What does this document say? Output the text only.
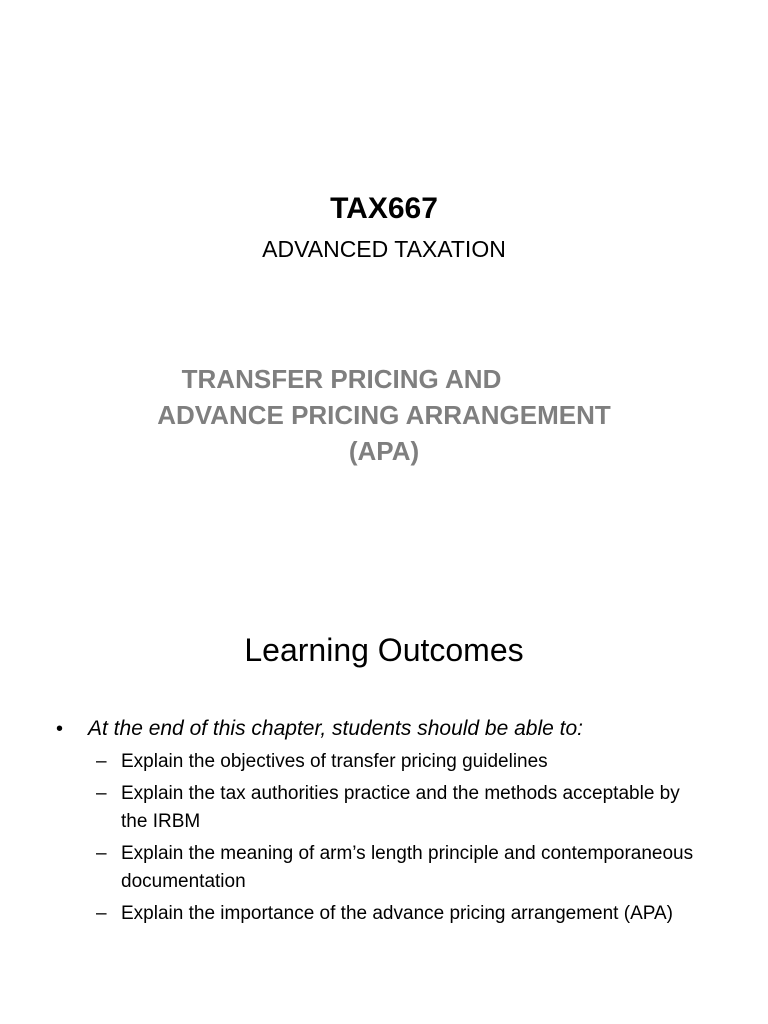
TAX667
ADVANCED TAXATION
TRANSFER PRICING AND
ADVANCE PRICING ARRANGEMENT
(APA)
Learning Outcomes
•	At the end of this chapter, students should be able to:
– Explain the objectives of transfer pricing guidelines
– Explain the tax authorities practice and the methods acceptable by the IRBM
– Explain the meaning of arm’s length principle and contemporaneous documentation
– Explain the importance of the advance pricing arrangement (APA)
